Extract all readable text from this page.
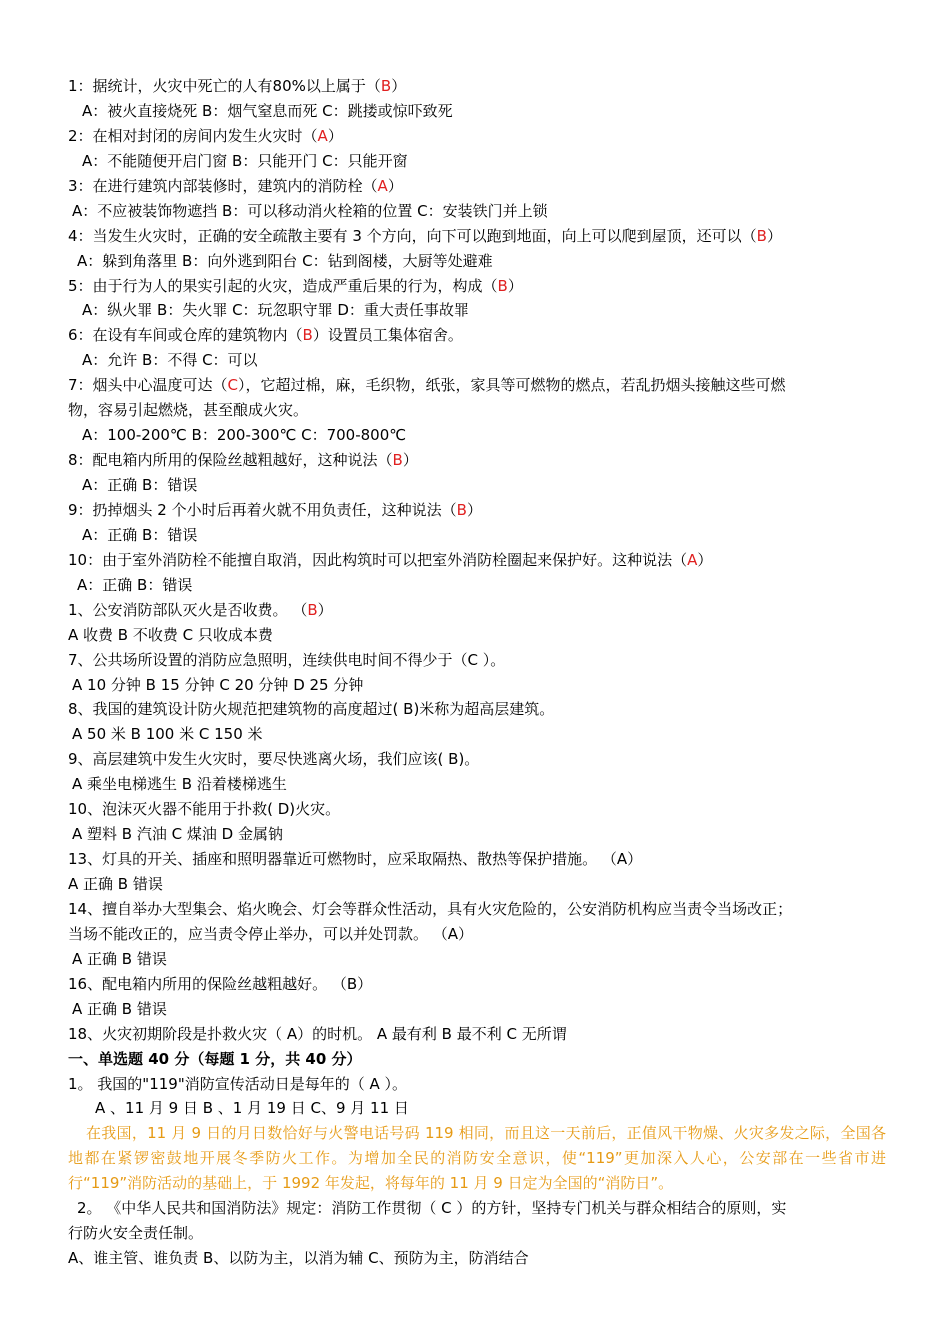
1：据统计，火灾中死亡的人有80%以上属于（B）
A：被火直接烧死 B：烟气窒息而死 C：跳搂或惊吓致死
2：在相对封闭的房间内发生火灾时（A）
A：不能随便开启门窗 B：只能开门 C：只能开窗
3：在进行建筑内部装修时，建筑内的消防栓（A）
A：不应被装饰物遮挡 B：可以移动消火栓箱的位置 C：安装铁门并上锁
4：当发生火灾时，正确的安全疏散主要有 3 个方向，向下可以跑到地面，向上可以爬到屋顶，还可以（B）
A：躲到角落里 B：向外逃到阳台 C：钻到阁楼，大厨等处避难
5：由于行为人的果实引起的火灾，造成严重后果的行为，构成（B）
A：纵火罪 B：失火罪 C：玩忽职守罪 D：重大责任事故罪
6：在设有车间或仓库的建筑物内（B）设置员工集体宿舍。
A：允许 B：不得 C：可以
7：烟头中心温度可达（C），它超过棉，麻，毛织物，纸张，家具等可燃物的燃点，若乱扔烟头接触这些可燃
物，容易引起燃烧，甚至酿成火灾。
A：100-200℃ B：200-300℃ C：700-800℃
8：配电箱内所用的保险丝越粗越好，这种说法（B）
A：正确 B：错误
9：扔掉烟头 2 个小时后再着火就不用负责任，这种说法（B）
A：正确 B：错误
10：由于室外消防栓不能擅自取消，因此构筑时可以把室外消防栓圈起来保护好。这种说法（A）
A：正确 B：错误
1、公安消防部队灭火是否收费。 （B）
A 收费 B 不收费 C 只收成本费
7、公共场所设置的消防应急照明，连续供电时间不得少于（C ）。
A 10 分钟 B 15 分钟 C 20 分钟 D 25 分钟
8、我国的建筑设计防火规范把建筑物的高度超过( B)米称为超高层建筑。
A 50 米 B 100 米 C 150 米
9、高层建筑中发生火灾时，要尽快逃离火场，我们应该( B)。
A 乘坐电梯逃生 B 沿着楼梯逃生
10、泡沫灭火器不能用于扑救( D)火灾。
A 塑料 B 汽油 C 煤油 D 金属钠
13、灯具的开关、插座和照明器靠近可燃物时，应采取隔热、散热等保护措施。 （A）
A 正确 B 错误
14、擅自举办大型集会、焰火晚会、灯会等群众性活动，具有火灾危险的，公安消防机构应当责令当场改正；
当场不能改正的，应当责令停止举办，可以并处罚款。 （A）
A 正确 B 错误
16、配电箱内所用的保险丝越粗越好。 （B）
A 正确 B 错误
18、火灾初期阶段是扑救火灾（ A）的时机。 A 最有利 B 最不利 C 无所谓
一、单选题 40 分（每题 1 分，共 40 分）
1。 我国的"119"消防宣传活动日是每年的（ A ）。
A 、11 月 9 日 B 、1 月 19 日 C、9 月 11 日
在我国，11 月 9 日的月日数恰好与火警电话号码 119 相同，而且这一天前后，正值风干物燥、火灾多发之际，全国各地都在紧锣密鼓地开展冬季防火工作。为增加全民的消防安全意识，使“119”更加深入人心，公安部在一些省市进行“119”消防活动的基础上，于 1992 年发起，将每年的 11 月 9 日定为全国的“消防日”。
2。 《中华人民共和国消防法》规定：消防工作贯彻（ C ）的方针，坚持专门机关与群众相结合的原则，实
行防火安全责任制。
A、谁主管、谁负责 B、以防为主，以消为辅 C、预防为主，防消结合
